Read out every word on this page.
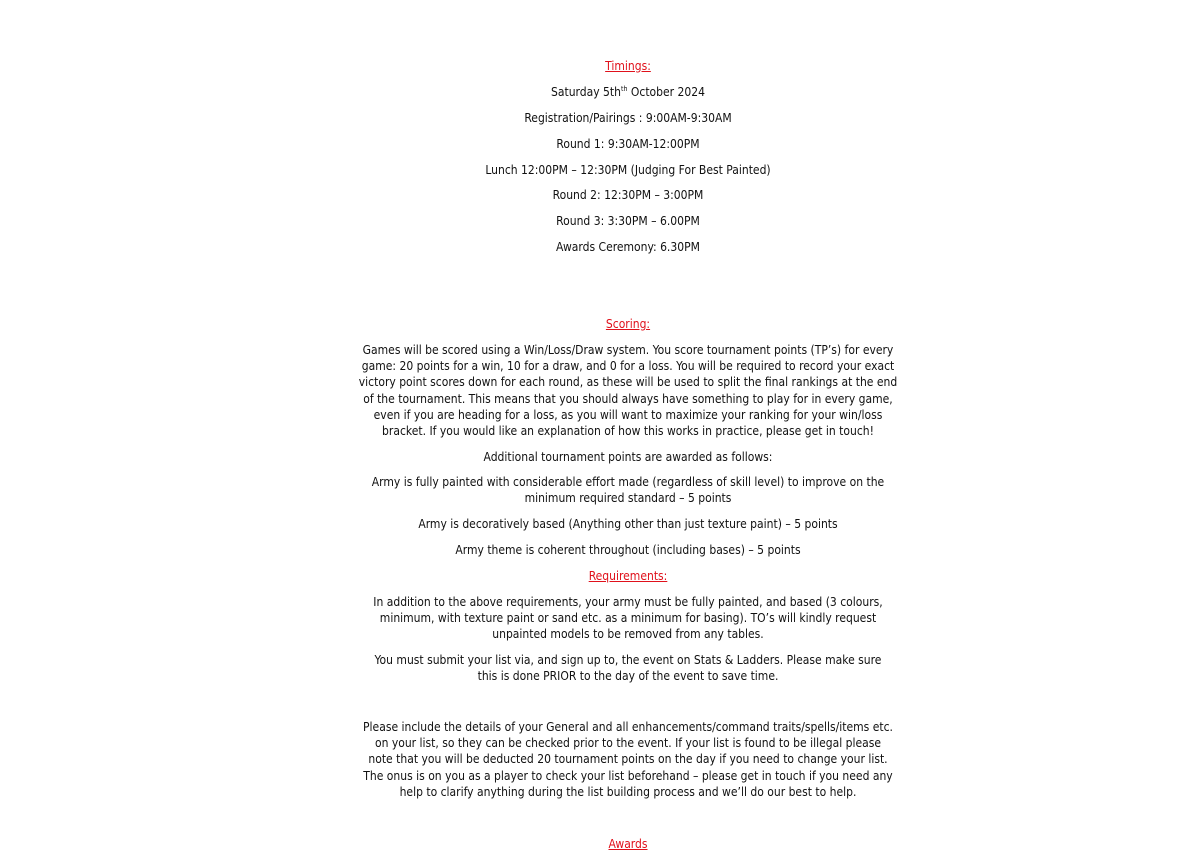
Timings:
Saturday $5th^{th}$ October 2024

Registration/Pairings : 9:00AM-9:30AM

Round 1: 9:30AM-12:00PM

Lunch 12:00PM – 12:30PM (Judging For Best Painted)

Round 2: 12:30PM – 3:00PM

Round 3: 3:30PM – 6.00PM

Awards Ceremony: 6.30PM

Scoring:

Games will be scored using a Win/Loss/Draw system. You score tournament points (TP’s) for every game: 20 points for a win, 10 for a draw, and 0 for a loss. You will be required to record your exact victory point scores down for each round, as these will be used to split the final rankings at the end of the tournament. This means that you should always have something to play for in every game, even if you are heading for a loss, as you will want to maximize your ranking for your win/loss bracket. If you would like an explanation of how this works in practice, please get in touch!

Additional tournament points are awarded as follows:

Army is fully painted with considerable effort made (regardless of skill level) to improve on the minimum required standard – 5 points

Army is decoratively based (Anything other than just texture paint) – 5 points

Army theme is coherent throughout (including bases) – 5 points

Requirements:

In addition to the above requirements, your army must be fully painted, and based (3 colours, minimum, with texture paint or sand etc. as a minimum for basing). TO’s will kindly request unpainted models to be removed from any tables.

You must submit your list via, and sign up to, the event on Stats & Ladders. Please make sure this is done PRIOR to the day of the event to save time.

Please include the details of your General and all enhancements/command traits/spells/items etc. on your list, so they can be checked prior to the event. If your list is found to be illegal please note that you will be deducted 20 tournament points on the day if you need to change your list. The onus is on you as a player to check your list beforehand – please get in touch if you need any help to clarify anything during the list building process and we’ll do our best to help.

Awards
